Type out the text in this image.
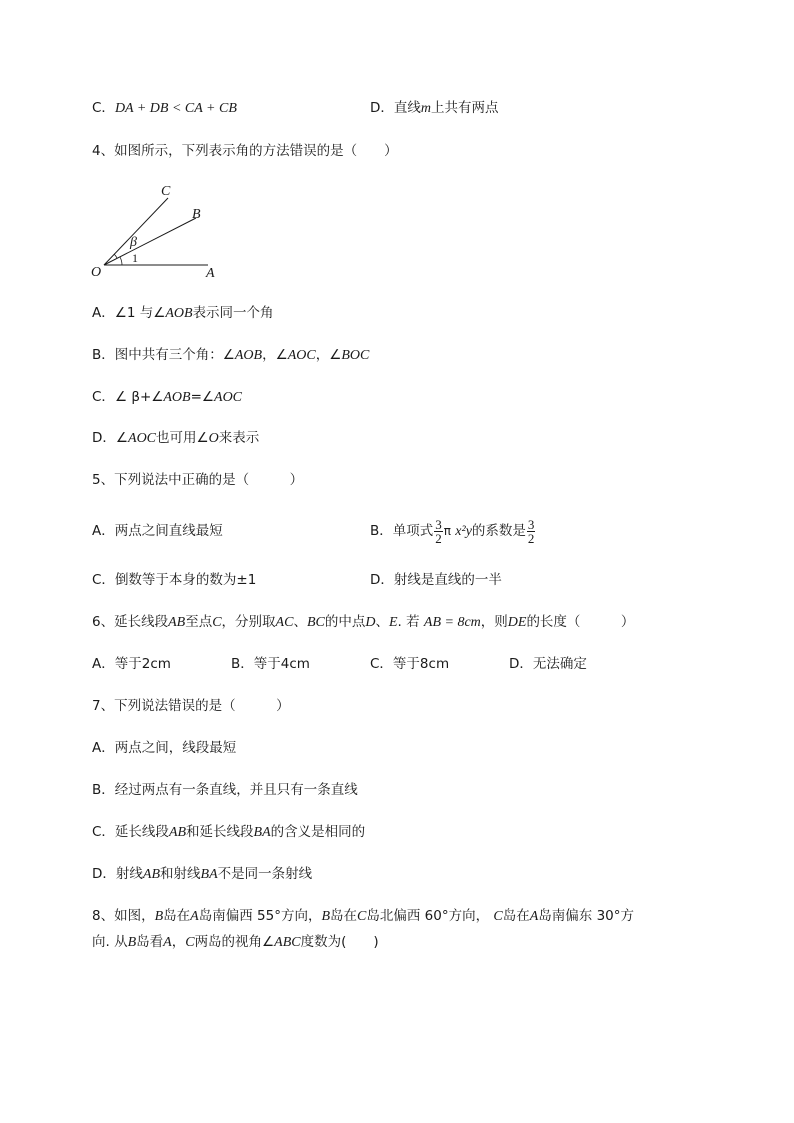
C．DA + DB < CA + CB	D．直线m上共有两点
4、如图所示，下列表示角的方法错误的是（　　）
C
B
O	A
β
1
A．∠1 与∠AOB表示同一个角
B．图中共有三个角：∠AOB，∠AOC，∠BOC
C．∠ β+∠AOB=∠AOC
D．∠AOC也可用∠O来表示
5、下列说法中正确的是（　　　）
A．两点之间直线最短	B．单项式 $\frac{3}{2}$ π x²y的系数是 $\frac{3}{2}$
C．倒数等于本身的数为±1	D．射线是直线的一半
6、延长线段AB至点C，分别取AC、BC的中点D、E. 若 AB = 8cm，则DE的长度（　　　）
A．等于2cm	B．等于4cm	C．等于8cm	D．无法确定
7、下列说法错误的是（　　　）
A．两点之间，线段最短
B．经过两点有一条直线，并且只有一条直线
C．延长线段AB和延长线段BA的含义是相同的
D．射线AB和射线BA不是同一条射线
8、如图，B岛在A岛南偏西 55°方向，B岛在C岛北偏西 60°方向， C岛在A岛南偏东 30°方
向. 从B岛看A，C两岛的视角∠ABC度数为(　　)
